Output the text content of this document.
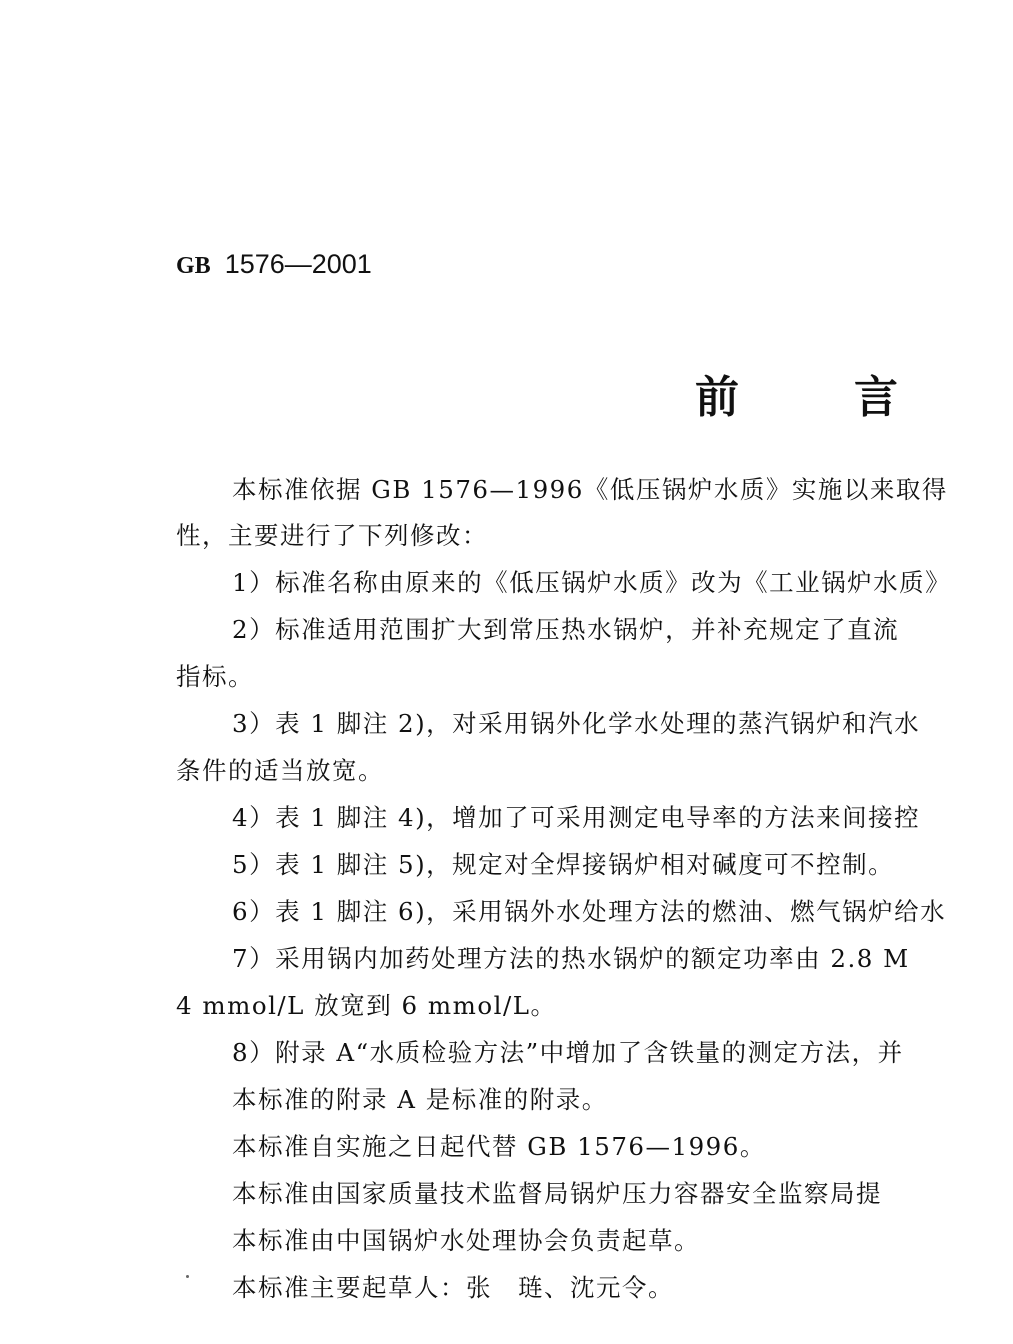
GB 1576—2001
前言
本标准依据 GB 1576—1996《低压锅炉水质》实施以来取得
性，主要进行了下列修改：
1）标准名称由原来的《低压锅炉水质》改为《工业锅炉水质》
2）标准适用范围扩大到常压热水锅炉，并补充规定了直流
指标。
3）表 1 脚注 2)，对采用锅外化学水处理的蒸汽锅炉和汽水
条件的适当放宽。
4）表 1 脚注 4)，增加了可采用测定电导率的方法来间接控
5）表 1 脚注 5)，规定对全焊接锅炉相对碱度可不控制。
6）表 1 脚注 6)，采用锅外水处理方法的燃油、燃气锅炉给水
7）采用锅内加药处理方法的热水锅炉的额定功率由 2.8 M
4 mmol/L 放宽到 6 mmol/L。
8）附录 A“水质检验方法”中增加了含铁量的测定方法，并
本标准的附录 A 是标准的附录。
本标准自实施之日起代替 GB 1576—1996。
本标准由国家质量技术监督局锅炉压力容器安全监察局提
本标准由中国锅炉水处理协会负责起草。
本标准主要起草人：张　琏、沈元令。
